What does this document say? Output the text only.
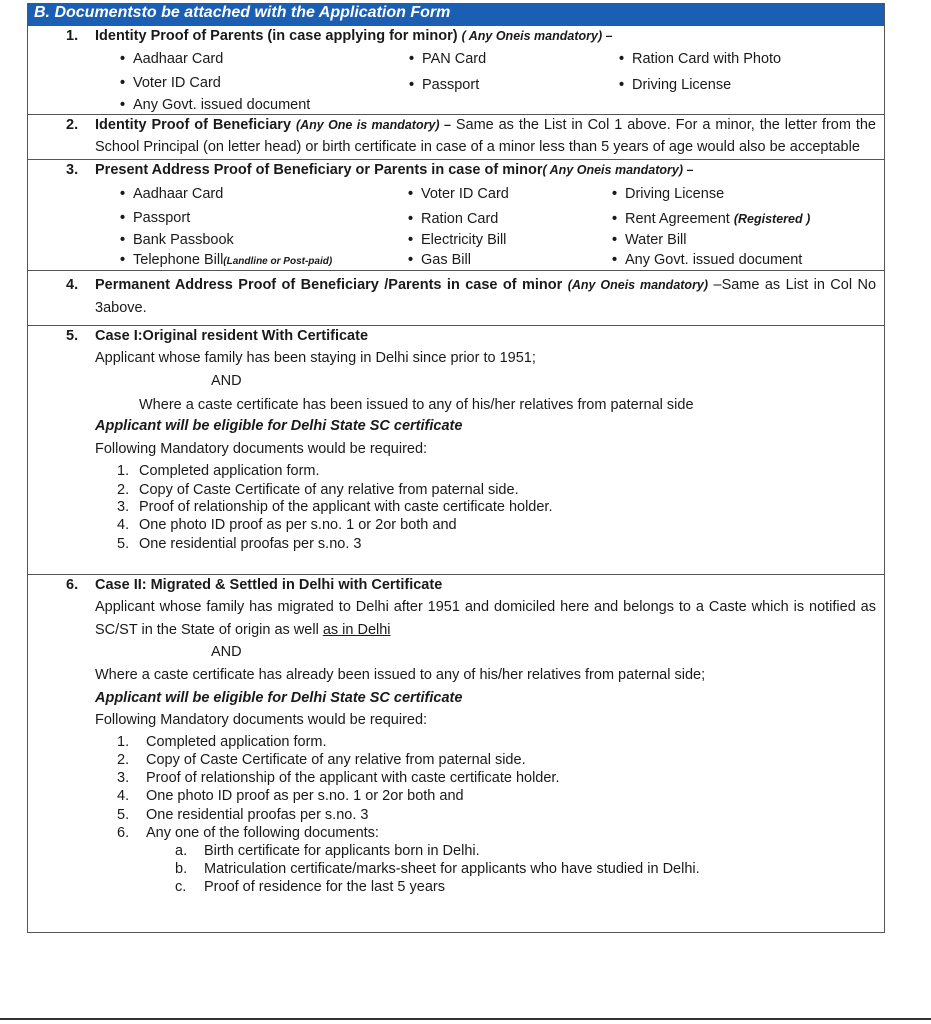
B. Documentsto be attached with the Application Form
1. Identity Proof of Parents (in case applying for minor) ( Any Oneis mandatory) –
• Aadhaar Card	• PAN Card	• Ration Card with Photo
• Voter ID Card	• Passport	• Driving License
• Any Govt. issued document
2. Identity Proof of Beneficiary (Any One is mandatory) – Same as the List in Col 1 above. For a minor, the letter from the
School Principal (on letter head) or birth certificate in case of a minor less than 5 years of age would also be acceptable
3. Present Address Proof of Beneficiary or Parents in case of minor( Any Oneis mandatory) –
• Aadhaar Card	• Voter ID Card	• Driving License
• Passport	• Ration Card	• Rent Agreement (Registered )
• Bank Passbook	• Electricity Bill	• Water Bill
• Telephone Bill(Landline or Post-paid)	• Gas Bill	• Any Govt. issued document
4. Permanent Address Proof of Beneficiary /Parents in case of minor (Any Oneis mandatory) –Same as List in Col No
3above.
5. Case I:Original resident With Certificate
Applicant whose family has been staying in Delhi since prior to 1951;
AND
Where a caste certificate has been issued to any of his/her relatives from paternal side
Applicant will be eligible for Delhi State SC certificate
Following Mandatory documents would be required:
1. Completed application form.
2. Copy of Caste Certificate of any relative from paternal side.
3. Proof of relationship of the applicant with caste certificate holder.
4. One photo ID proof as per s.no. 1 or 2or both and
5. One residential proofas per s.no. 3
6. Case II: Migrated & Settled in Delhi with Certificate
Applicant whose family has migrated to Delhi after 1951 and domiciled here and belongs to a Caste which is notified as
SC/ST in the State of origin as well as in Delhi
AND
Where a caste certificate has already been issued to any of his/her relatives from paternal side;
Applicant will be eligible for Delhi State SC certificate
Following Mandatory documents would be required:
1. Completed application form.
2. Copy of Caste Certificate of any relative from paternal side.
3. Proof of relationship of the applicant with caste certificate holder.
4. One photo ID proof as per s.no. 1 or 2or both and
5. One residential proofas per s.no. 3
6. Any one of the following documents:
a. Birth certificate for applicants born in Delhi.
b. Matriculation certificate/marks-sheet for applicants who have studied in Delhi.
c. Proof of residence for the last 5 years
